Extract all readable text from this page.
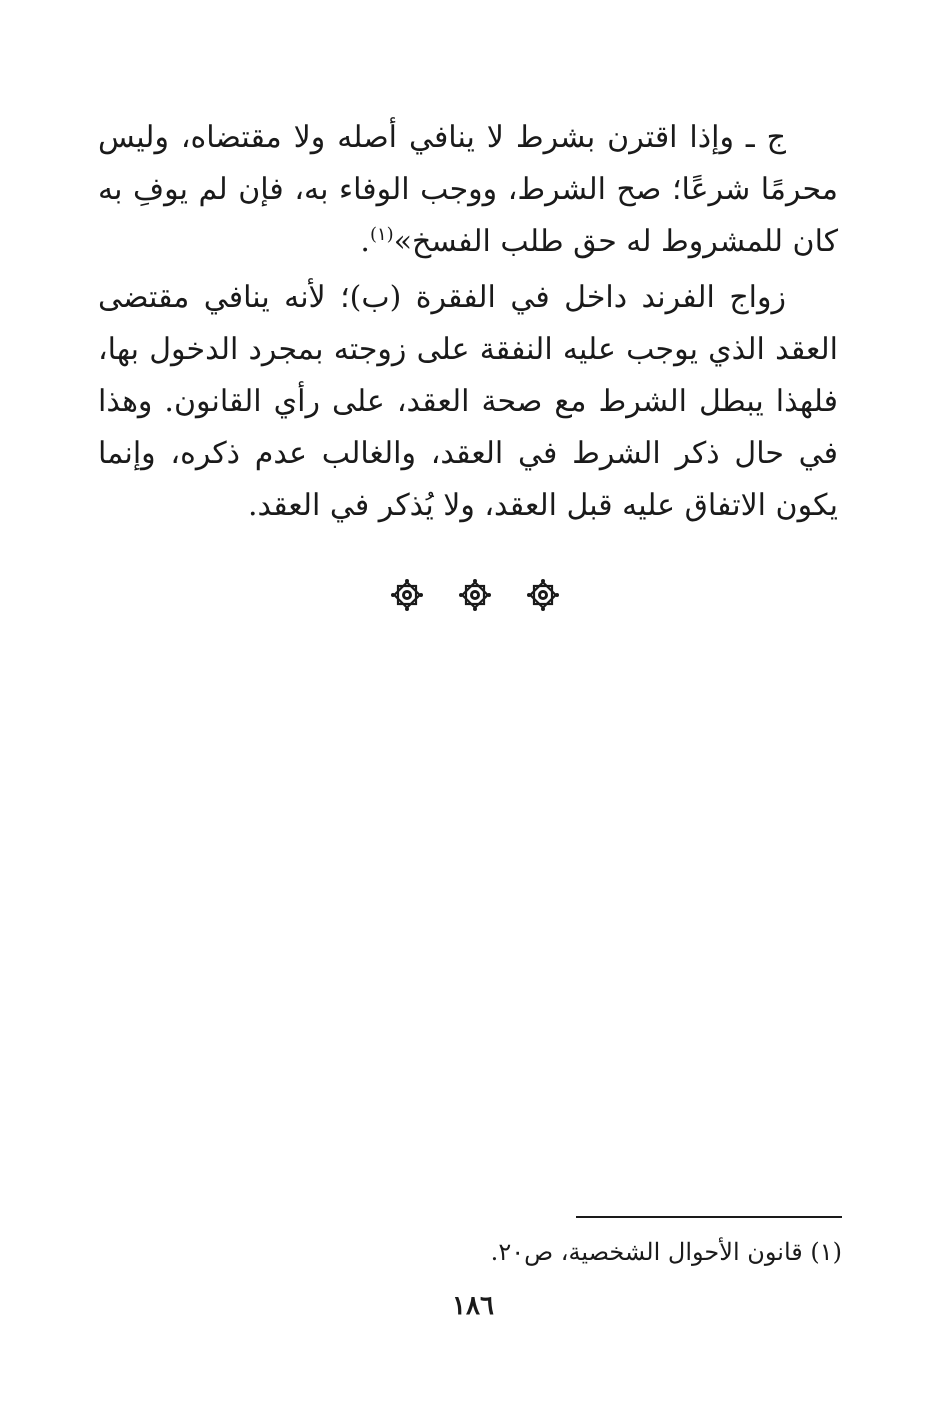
ج ـ وإذا اقترن بشرط لا ينافي أصله ولا مقتضاه، وليس محرمًا شرعًا؛ صح الشرط، ووجب الوفاء به، فإن لم يوفِ به كان للمشروط له حق طلب الفسخ»$^{(١)}$.

زواج الفرند داخل في الفقرة (ب)؛ لأنه ينافي مقتضى العقد الذي يوجب عليه النفقة على زوجته بمجرد الدخول بها، فلهذا يبطل الشرط مع صحة العقد، على رأي القانون. وهذا في حال ذكر الشرط في العقد، والغالب عدم ذكره، وإنما يكون الاتفاق عليه قبل العقد، ولا يُذكر في العقد.

(١) قانون الأحوال الشخصية، ص٢٠.
١٨٦
